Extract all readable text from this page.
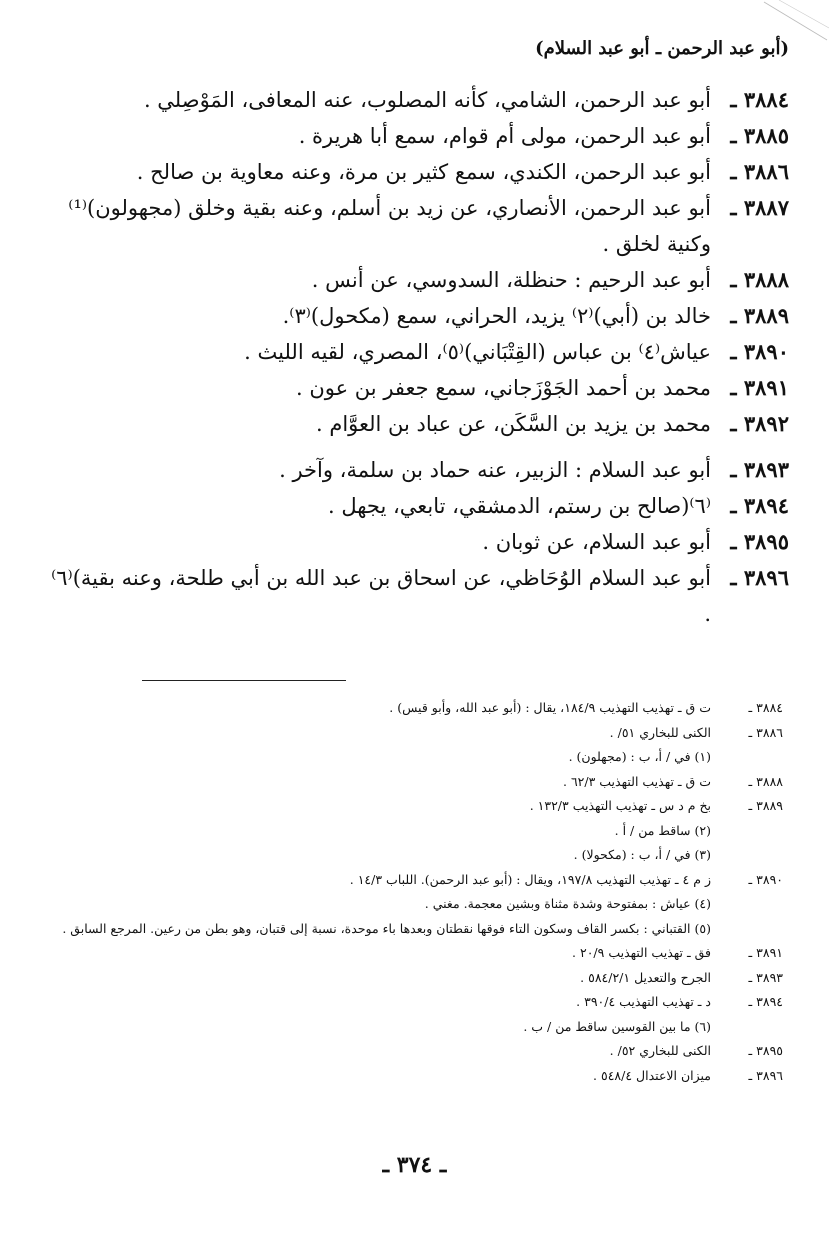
(أبو عبد الرحمن ـ أبو عبد السلام)
٣٨٨٤ ـ
أبو عبد الرحمن، الشامي، كأنه المصلوب، عنه المعافى، المَوْصِلي .
٣٨٨٥ ـ
أبو عبد الرحمن، مولى أم قوام، سمع أبا هريرة .
٣٨٨٦ ـ
أبو عبد الرحمن، الكندي، سمع كثير بن مرة، وعنه معاوية بن صالح .
٣٨٨٧ ـ
أبو عبد الرحمن، الأنصاري، عن زيد بن أسلم، وعنه بقية وخلق (مجهولون)⁽¹⁾ وكنية لخلق .
٣٨٨٨ ـ
أبو عبد الرحيم : حنظلة، السدوسي، عن أنس .
٣٨٨٩ ـ
خالد بن (أبي)⁽٢⁾ يزيد، الحراني، سمع (مكحول)⁽٣⁾.
٣٨٩٠ ـ
عياش⁽٤⁾ بن عباس (القِتْبَاني)⁽٥⁾، المصري، لقيه الليث .
٣٨٩١ ـ
محمد بن أحمد الجَوْزَجاني، سمع جعفر بن عون .
٣٨٩٢ ـ
محمد بن يزيد بن السَّكَن، عن عباد بن العوَّام .
٣٨٩٣ ـ
أبو عبد السلام : الزبير، عنه حماد بن سلمة، وآخر .
٣٨٩٤ ـ
⁽٦⁾(صالح بن رستم، الدمشقي، تابعي، يجهل .
٣٨٩٥ ـ
أبو عبد السلام، عن ثوبان .
٣٨٩٦ ـ
أبو عبد السلام الوُحَاظي، عن اسحاق بن عبد الله بن أبي طلحة، وعنه بقية)⁽٦⁾ .
٣٨٨٤ ـ
ت ق ـ تهذيب التهذيب ١٨٤/٩، يقال : (أبو عبد الله، وأبو قيس) .
٣٨٨٦ ـ
الكنى للبخاري ٥١/ .
(١) في / أ، ب : (مجهلون) .
٣٨٨٨ ـ
ت ق ـ تهذيب التهذيب ٦٢/٣ .
٣٨٨٩ ـ
بخ م د س ـ تهذيب التهذيب ١٣٢/٣ .
(٢) ساقط من / أ .
(٣) في / أ، ب : (مكحولا) .
٣٨٩٠ ـ
ز م ٤ ـ تهذيب التهذيب ١٩٧/٨، ويقال : (أبو عبد الرحمن). اللباب ١٤/٣ .
(٤) عياش : بمفتوحة وشدة مثناة وبشين معجمة. مغني .
(٥) القتباني : بكسر القاف وسكون التاء فوقها نقطتان وبعدها باء موحدة، نسبة إلى قتبان، وهو بطن من رعين. المرجع السابق .
٣٨٩١ ـ
فق ـ تهذيب التهذيب ٢٠/٩ .
٣٨٩٣ ـ
الجرح والتعديل ٥٨٤/٢/١ .
٣٨٩٤ ـ
د ـ تهذيب التهذيب ٣٩٠/٤ .
(٦) ما بين القوسين ساقط من / ب .
٣٨٩٥ ـ
الكنى للبخاري ٥٢/ .
٣٨٩٦ ـ
ميزان الاعتدال ٥٤٨/٤ .
ـ ٣٧٤ ـ
